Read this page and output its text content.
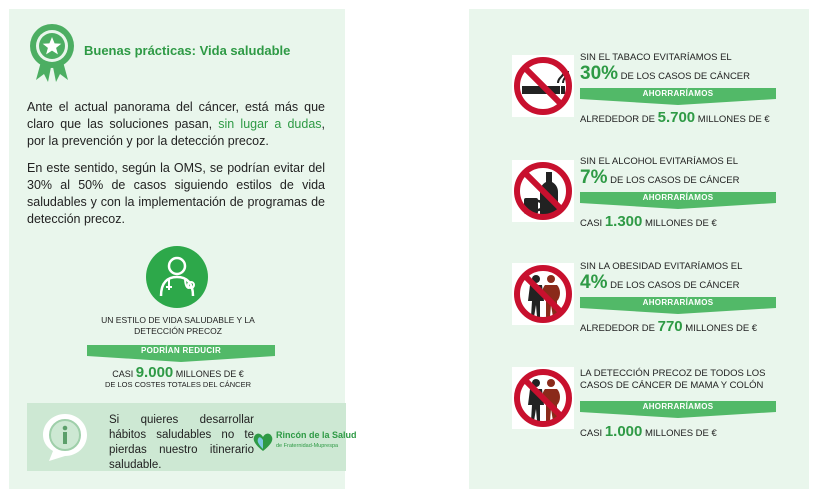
Buenas prácticas: Vida saludable
Ante el actual panorama del cáncer, está más que claro que las soluciones pasan, sin lugar a dudas, por la prevención y por la detección precoz.
En este sentido, según la OMS, se podrían evitar del 30% al 50% de casos siguiendo estilos de vida saludables y con la implementación de programas de detección precoz.
UN ESTILO DE VIDA SALUDABLE Y LA
DETECCIÓN PRECOZ
PODRÍAN REDUCIR
CASI 9.000 MILLONES DE €
DE LOS COSTES TOTALES DEL CÁNCER
Si quieres desarrollar hábitos saludables no te pierdas nuestro itinerario saludable.
Rincón de la Salud
de Fraternidad-Muprespa
SIN EL TABACO EVITARÍAMOS EL
30% DE LOS CASOS DE CÁNCER
AHORRARÍAMOS
ALREDEDOR DE 5.700 MILLONES DE €
SIN EL ALCOHOL EVITARÍAMOS EL
7% DE LOS CASOS DE CÁNCER
AHORRARÍAMOS
CASI 1.300 MILLONES DE €
SIN LA OBESIDAD EVITARÍAMOS EL
4% DE LOS CASOS DE CÁNCER
AHORRARÍAMOS
ALREDEDOR DE 770 MILLONES DE €
LA DETECCIÓN PRECOZ DE TODOS LOS
CASOS DE CÁNCER DE MAMA Y COLÓN
AHORRARÍAMOS
CASI 1.000 MILLONES DE €
